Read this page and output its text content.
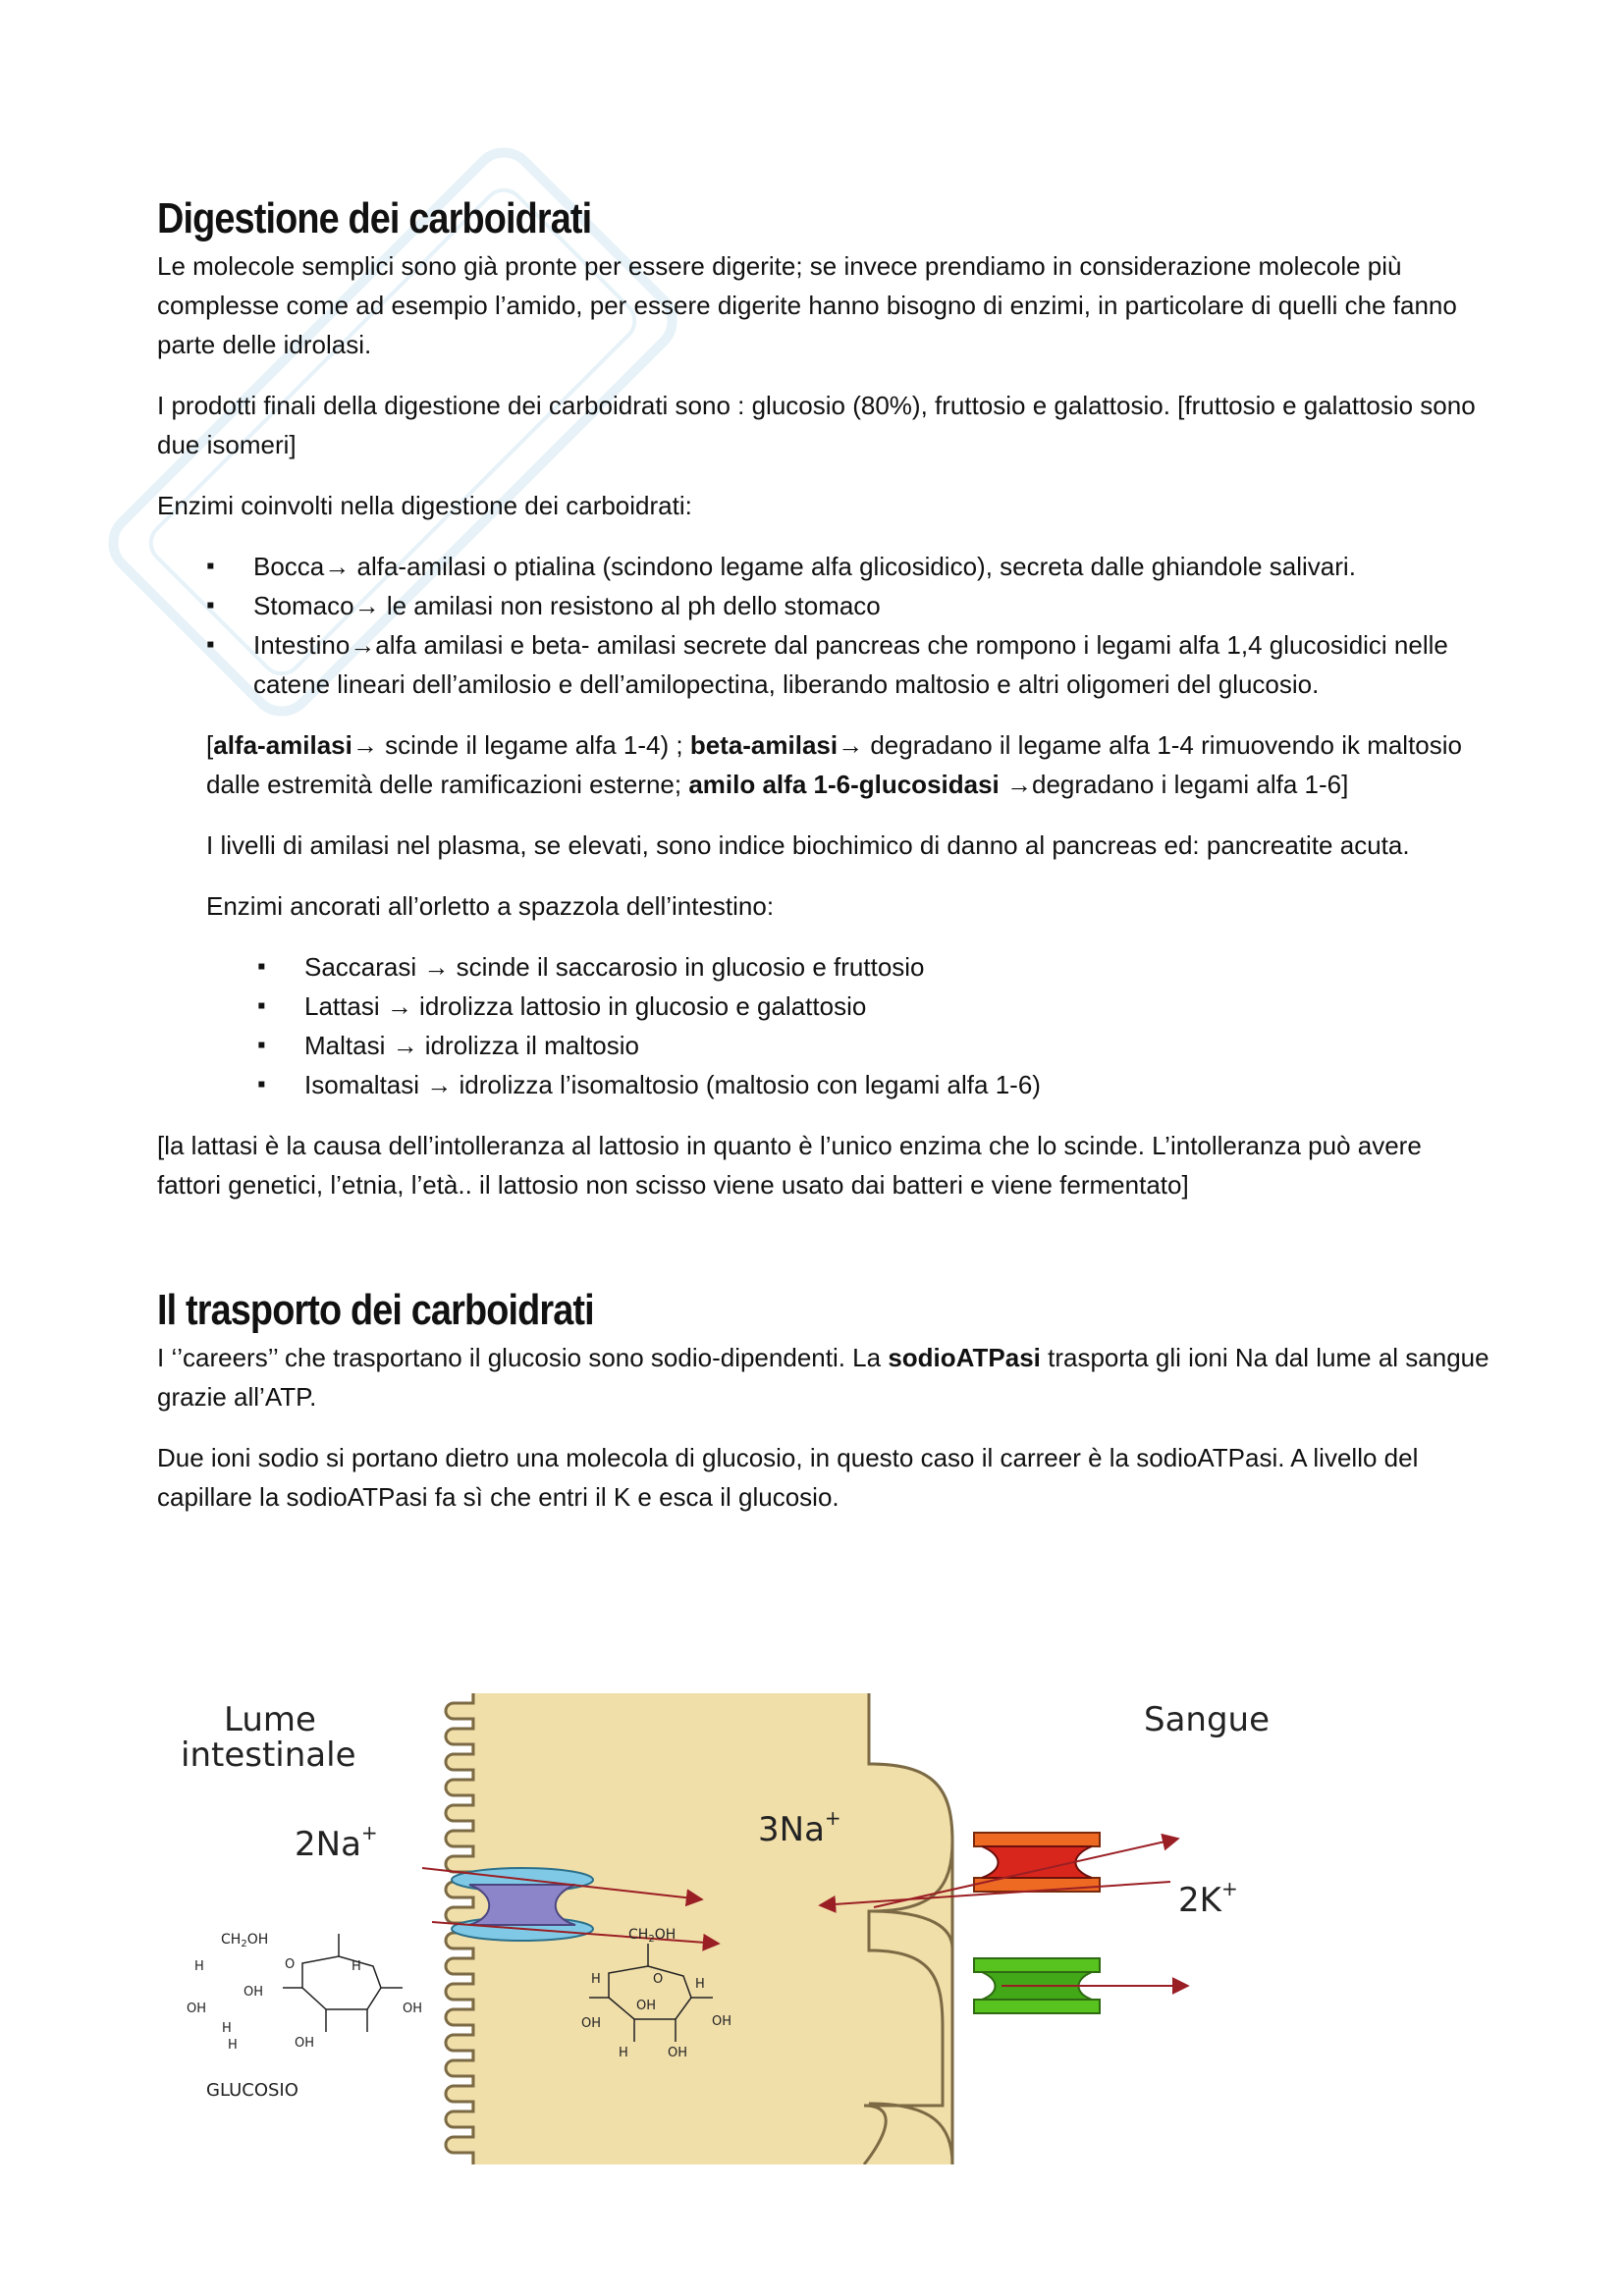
Digestione dei carboidrati

Le molecole semplici sono già pronte per essere digerite; se invece prendiamo in considerazione molecole più complesse come ad esempio l’amido, per essere digerite hanno bisogno di enzimi, in particolare di quelli che fanno parte delle idrolasi.

I prodotti finali della digestione dei carboidrati sono : glucosio (80%), fruttosio e galattosio. [fruttosio e galattosio sono due isomeri]

Enzimi coinvolti nella digestione dei carboidrati:

▪ Bocca→ alfa-amilasi o ptialina (scindono legame alfa glicosidico), secreta dalle ghiandole salivari.
▪ Stomaco→ le amilasi non resistono al ph dello stomaco
▪ Intestino→alfa amilasi e beta- amilasi secrete dal pancreas che rompono i legami alfa 1,4 glucosidici nelle catene lineari dell’amilosio e dell’amilopectina, liberando maltosio e altri oligomeri del glucosio.

[alfa-amilasi→ scinde il legame alfa 1-4) ; beta-amilasi→ degradano il legame alfa 1-4 rimuovendo ik maltosio dalle estremità delle ramificazioni esterne; amilo alfa 1-6-glucosidasi →degradano i legami alfa 1-6]

I livelli di amilasi nel plasma, se elevati, sono indice biochimico di danno al pancreas ed: pancreatite acuta.

Enzimi ancorati all’orletto a spazzola dell’intestino:

▪ Saccarasi → scinde il saccarosio in glucosio e fruttosio
▪ Lattasi → idrolizza lattosio in glucosio e galattosio
▪ Maltasi → idrolizza il maltosio
▪ Isomaltasi → idrolizza l’isomaltosio (maltosio con legami alfa 1-6)

[la lattasi è la causa dell’intolleranza al lattosio in quanto è l’unico enzima che lo scinde. L’intolleranza può avere fattori genetici, l’etnia, l’età.. il lattosio non scisso viene usato dai batteri e viene fermentato]

Il trasporto dei carboidrati

I ‘’careers’’ che trasportano il glucosio sono sodio-dipendenti. La sodioATPasi trasporta gli ioni Na dal lume al sangue grazie all’ATP.

Due ioni sodio si portano dietro una molecola di glucosio, in questo caso il carreer è la sodioATPasi. A livello del capillare la sodioATPasi fa sì che entri il K e esca il glucosio.

Lume
intestinale
Sangue
2Na+	3Na+
2K+
$CH_2OH$
H	O	H
OH
OH
OH
H
OH
H
GLUCOSIO
$CH_2OH$
H	O	H
OH
OH
OH
H	OH
